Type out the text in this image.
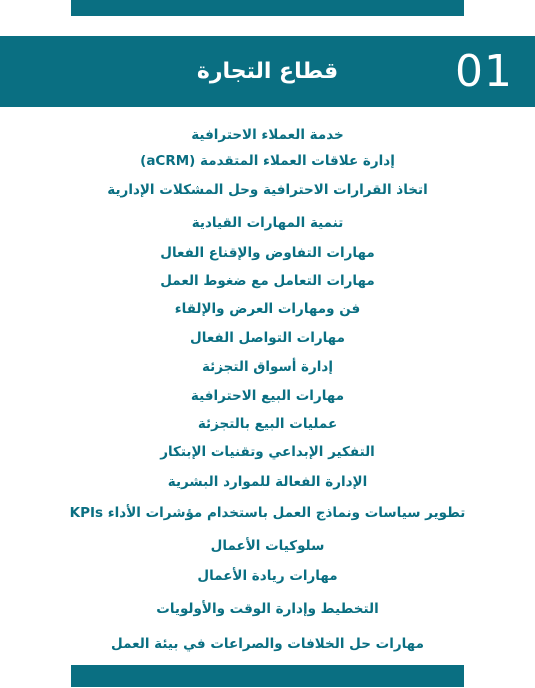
قطاع التجارة	01
خدمة العملاء الاحترافية
إدارة علاقات العملاء المتقدمة (aCRM)
اتخاذ القرارات الاحترافية وحل المشكلات الإدارية
تنمية المهارات القيادية
مهارات التفاوض والإقناع الفعال
مهارات التعامل مع ضغوط العمل
فن ومهارات العرض والإلقاء
مهارات التواصل الفعال
إدارة أسواق التجزئة
مهارات البيع الاحترافية
عمليات البيع بالتجزئة
التفكير الإبداعي وتقنيات الإبتكار
الإدارة الفعالة للموارد البشرية
تطوير سياسات ونماذج العمل باستخدام مؤشرات الأداء KPIs
سلوكيات الأعمال
مهارات ريادة الأعمال
التخطيط وإدارة الوقت والأولويات
مهارات حل الخلافات والصراعات في بيئة العمل
